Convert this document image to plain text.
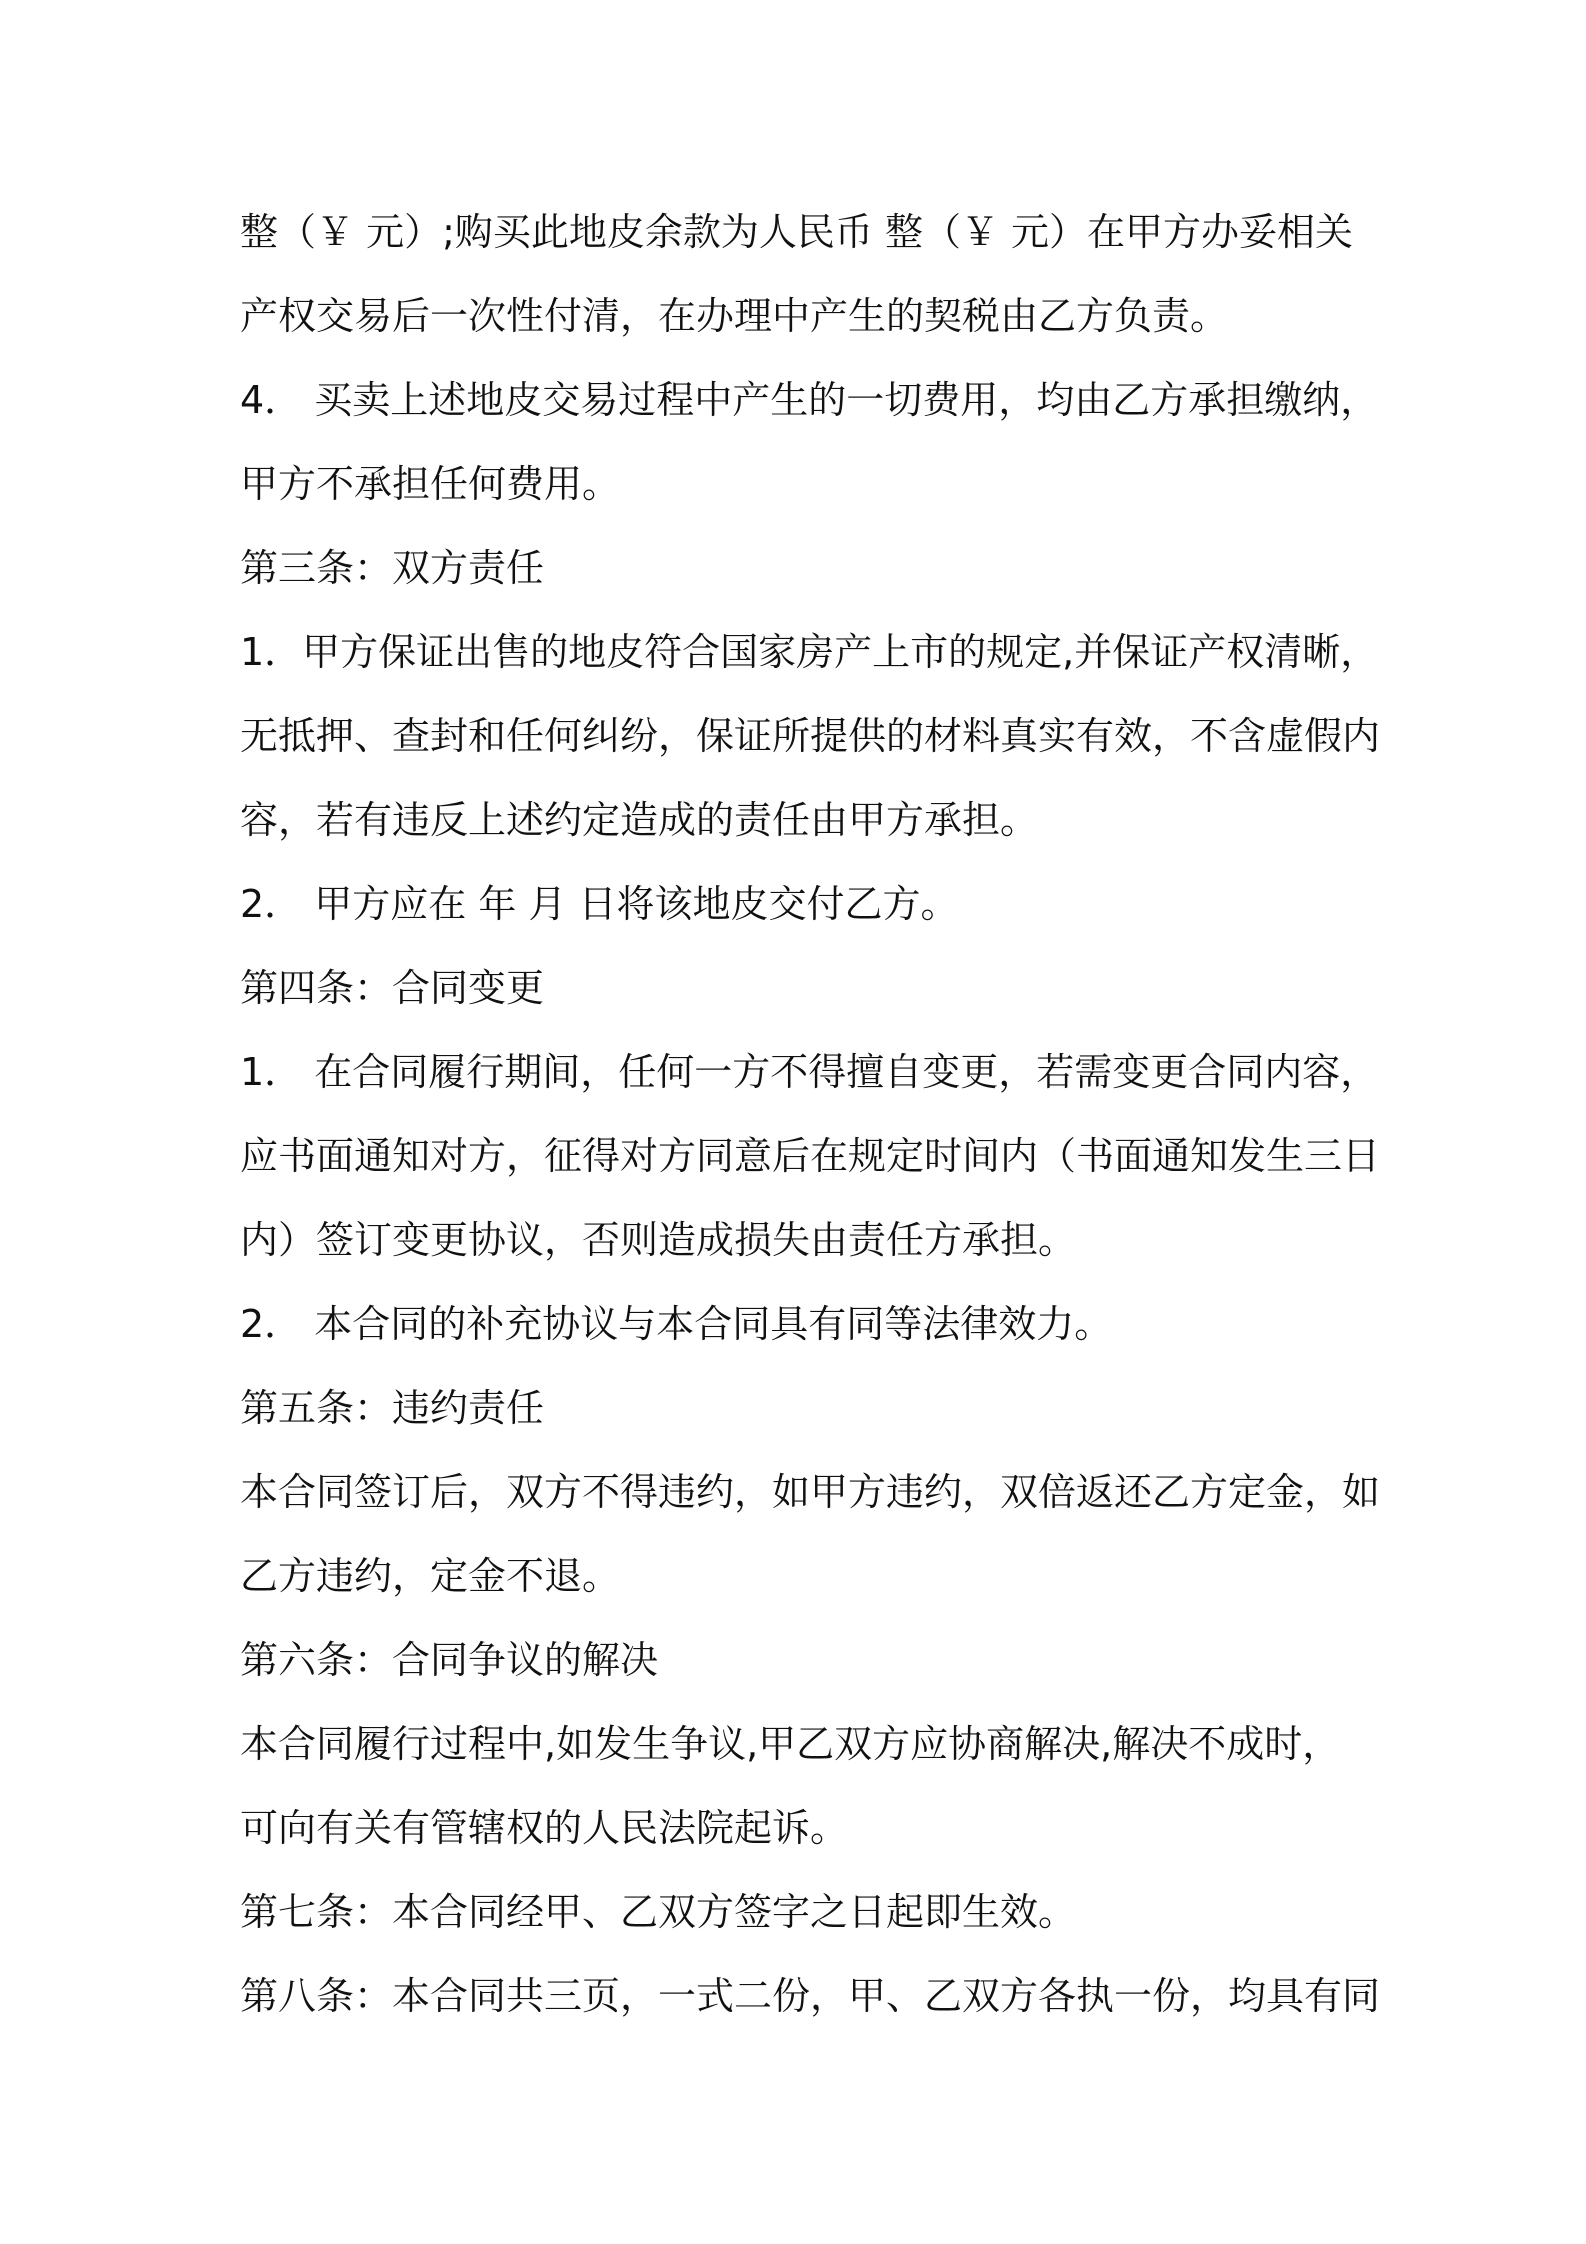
整（￥ 元）;购买此地皮余款为人民币 整（￥ 元）在甲方办妥相关
产权交易后一次性付清，在办理中产生的契税由乙方负责。
4． 买卖上述地皮交易过程中产生的一切费用，均由乙方承担缴纳，
甲方不承担任何费用。
第三条：双方责任
1．甲方保证出售的地皮符合国家房产上市的规定,并保证产权清晰，
无抵押、查封和任何纠纷，保证所提供的材料真实有效，不含虚假内
容，若有违反上述约定造成的责任由甲方承担。
2． 甲方应在 年 月 日将该地皮交付乙方。
第四条：合同变更
1． 在合同履行期间，任何一方不得擅自变更，若需变更合同内容，
应书面通知对方，征得对方同意后在规定时间内（书面通知发生三日
内）签订变更协议，否则造成损失由责任方承担。
2． 本合同的补充协议与本合同具有同等法律效力。
第五条：违约责任
本合同签订后，双方不得违约，如甲方违约，双倍返还乙方定金，如
乙方违约，定金不退。
第六条：合同争议的解决
本合同履行过程中,如发生争议,甲乙双方应协商解决,解决不成时，
可向有关有管辖权的人民法院起诉。
第七条：本合同经甲、乙双方签字之日起即生效。
第八条：本合同共三页，一式二份，甲、乙双方各执一份，均具有同
